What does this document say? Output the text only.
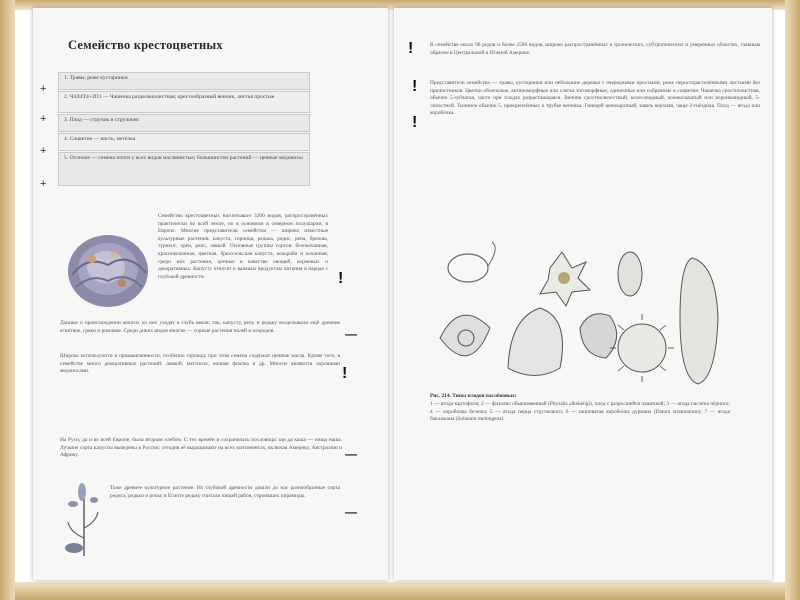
Семейство крестоцветных
1. Травы, реже кустарники
2. Ч4Л4Т4+2П1 — Чашечка раздельнолистная; крестообразный венчик, листья простые
3. Плод — стручок и стручочек
4. Соцветие — кисть, метёлка
5. Отличие — семена почти у всех видов маслянистые; большинство растений — ценные медоносы
+
+
+
+
Семейство крестоцветных насчитывает 3200 видов, распространённых практически по всей земле, но в основном в северном полушарии, в Европе. Многие представители семейства — широко известные культурные растения: капуста, горчица, редька, редис, репа, брюква, турнепс, хрен, рапс, левкой. Основные группы сортов: белокочанная, краснокочанная, цветная, брюссельская капуста, кольраби и кочанная; среди них растения, ценные в качестве овощей, кормовых и декоративных. Капусту относят к важным продуктам питания в народе с глубокой древности.
Данные о происхождении многих из них уходят в глубь веков: так, капусту, репу и редьку возделывали ещё древние египтяне, греки и римляне. Среди диких видов многие — сорные растения полей и огородов.
Широко используются в промышленности, особенно горчица; при этом семена содержат ценные масла. Кроме того, в семействе много декоративных растений: левкой, маттиола, ночная фиалка и др. Многие являются хорошими медоносами.
На Руси, да и во всей Европе, была вторым хлебом. С тех времён и сохранилась пословица: щи да каша — пища наша. Лучшие сорта капусты выведены в России; сегодня её выращивают на всех континентах, включая Америку, Австралию и Африку.
Тоже древнее культурное растение. Из глубокой древности дошли до нас разнообразные сорта редиса, редьки и репы; в Египте редьку считали пищей рабов, строивших пирамиды.
!
!
—
—
—
В семействе около 90 родов и более 2500 видов, широко распространённых в тропических, субтропических и умеренных областях, главным образом в Центральной и Южной Америке.
Представители семейства — травы, кустарники или небольшие деревья с очередными простыми, реже перисторассечёнными листьями без прилистников. Цветки обоеполые, актиноморфные или слегка зигоморфные, одиночные или собранные в соцветия. Чашечка сростнолистная, обычно 5-зубчатая, часто при плодах разрастающаяся. Венчик сростнолепестный, колесовидный, колокольчатый или воронковидный, 5-лопастной. Тычинок обычно 5, прикреплённых к трубке венчика. Гинецей ценокарпный, завязь верхняя, чаще 2-гнёздная. Плод — ягода или коробочка.
!
!
!
Рис. 214. Типы плодов паслёновых:
1 — ягода картофеля; 2 — физалис обыкновенный (Physalis alkekengi), плод с разросшейся чашечкой; 3 — ягода паслёна чёрного; 4 — коробочка белены; 5 — ягода перца стручкового; 6 — шиповатая коробочка дурмана (Datura stramonium); 7 — ягода баклажана (Solanum melongena).
